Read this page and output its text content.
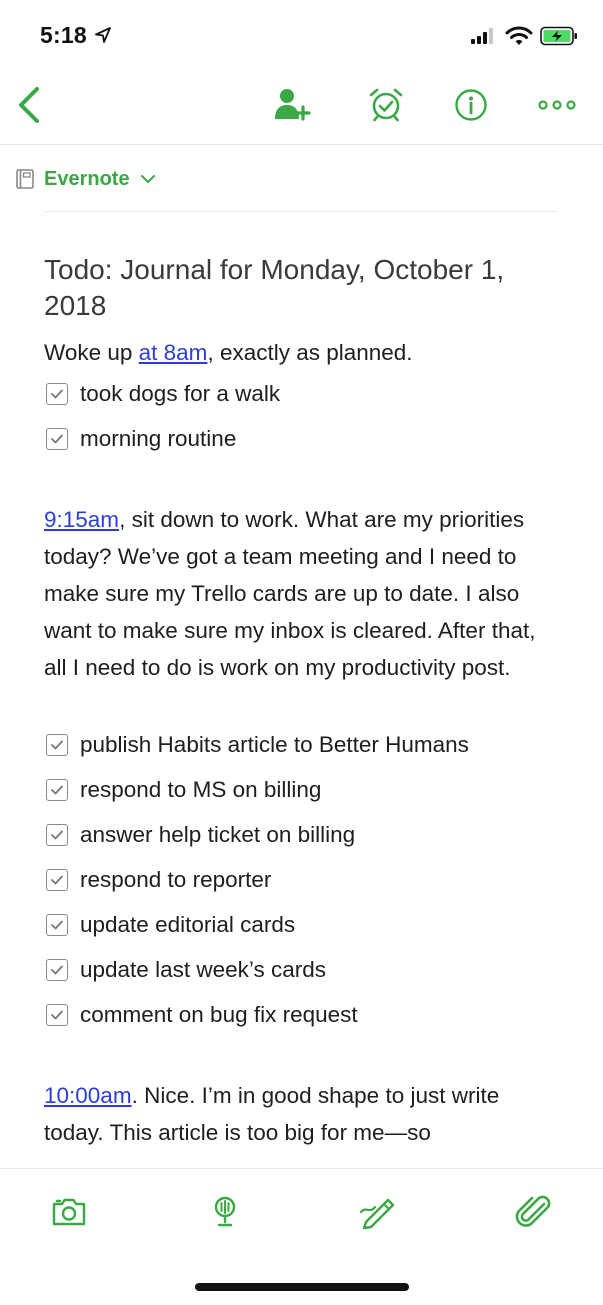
5:18
Evernote
Todo: Journal for Monday, October 1, 2018

Woke up at 8am, exactly as planned.

took dogs for a walk
morning routine

9:15am, sit down to work. What are my priorities today? We’ve got a team meeting and I need to make sure my Trello cards are up to date. I also want to make sure my inbox is cleared. After that, all I need to do is work on my productivity post.

publish Habits article to Better Humans
respond to MS on billing
answer help ticket on billing
respond to reporter
update editorial cards
update last week’s cards
comment on bug fix request

10:00am. Nice. I’m in good shape to just write today. This article is too big for me—so
